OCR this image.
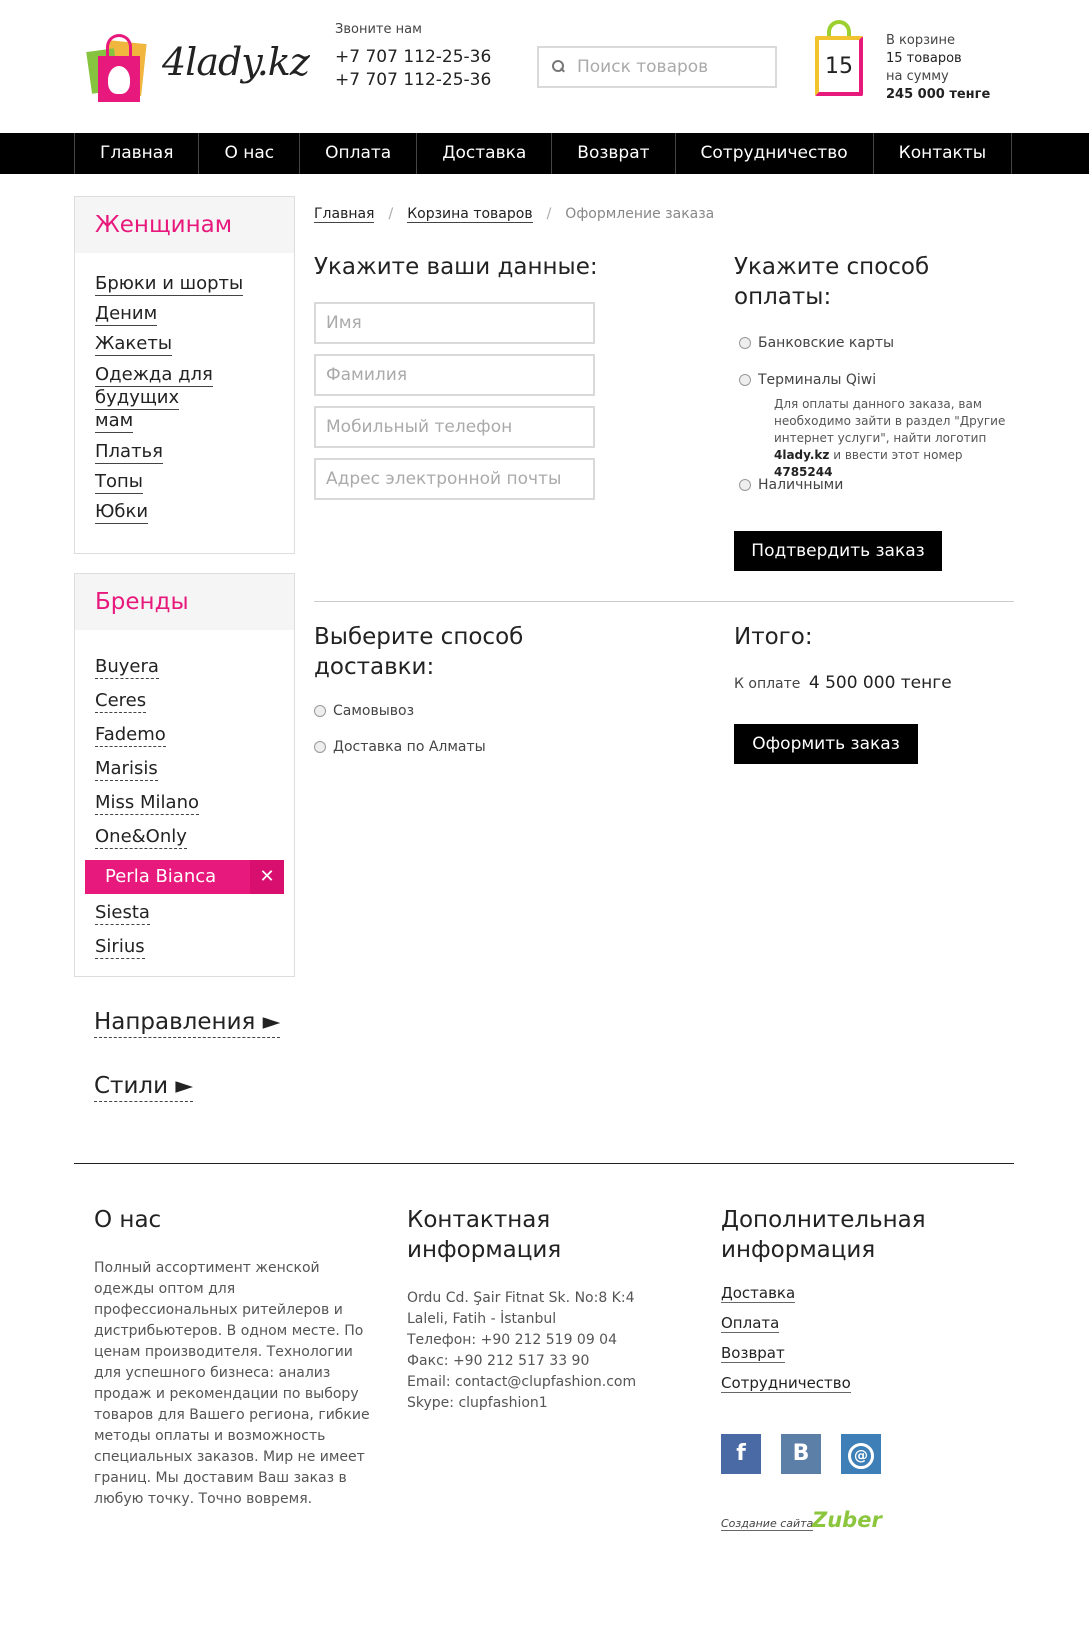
4lady.kz
Звоните нам
+7 707 112-25-36
+7 707 112-25-36
Поиск товаров
15
В корзине
15 товаров
на сумму
245 000 тенге
Главная	О нас	Оплата	Доставка	Возврат	Сотрудничество	Контакты
Женщинам
Брюки и шорты
Деним
Жакеты
Одежда для будущих мам
Платья
Топы
Юбки
Бренды
Buyera
Ceres
Fademo
Marisis
Miss Milano
One&Only
Perla Bianca	✕
Siesta
Sirius
Направления ►
Стили ►
Главная / Корзина товаров / Оформление заказа
Укажите ваши данные:
Имя
Фамилия
Мобильный телефон
Адрес электронной почты	Укажите способ оплаты:
Банковские карты
Терминалы Qiwi
Для оплаты данного заказа, вам необходимо зайти в раздел "Другие интернет услуги", найти логотип 4lady.kz и ввести этот номер 4785244
Наличными
Подтвердить заказ
Выберите способ доставки:
Самовывоз
Доставка по Алматы
Итого:
К оплате 4 500 000 тенге
Оформить заказ
О нас
Полный ассортимент женской одежды оптом для профессиональных ритейлеров и дистрибьютеров. В одном месте. По ценам производителя. Технологии для успешного бизнеса: анализ продаж и рекомендации по выбору товаров для Вашего региона, гибкие методы оплаты и возможность специальных заказов. Мир не имеет границ. Мы доставим Ваш заказ в любую точку. Точно вовремя.
Контактная информация
Ordu Cd. Şair Fitnat Sk. No:8 K:4
Laleli, Fatih - İstanbul
Телефон: +90 212 519 09 04
Факс: +90 212 517 33 90
Email: contact@clupfashion.com
Skype: clupfashion1
Дополнительная информация
Доставка
Оплата
Возврат
Сотрудничество
f	B	@
Создание сайта
Zuber
